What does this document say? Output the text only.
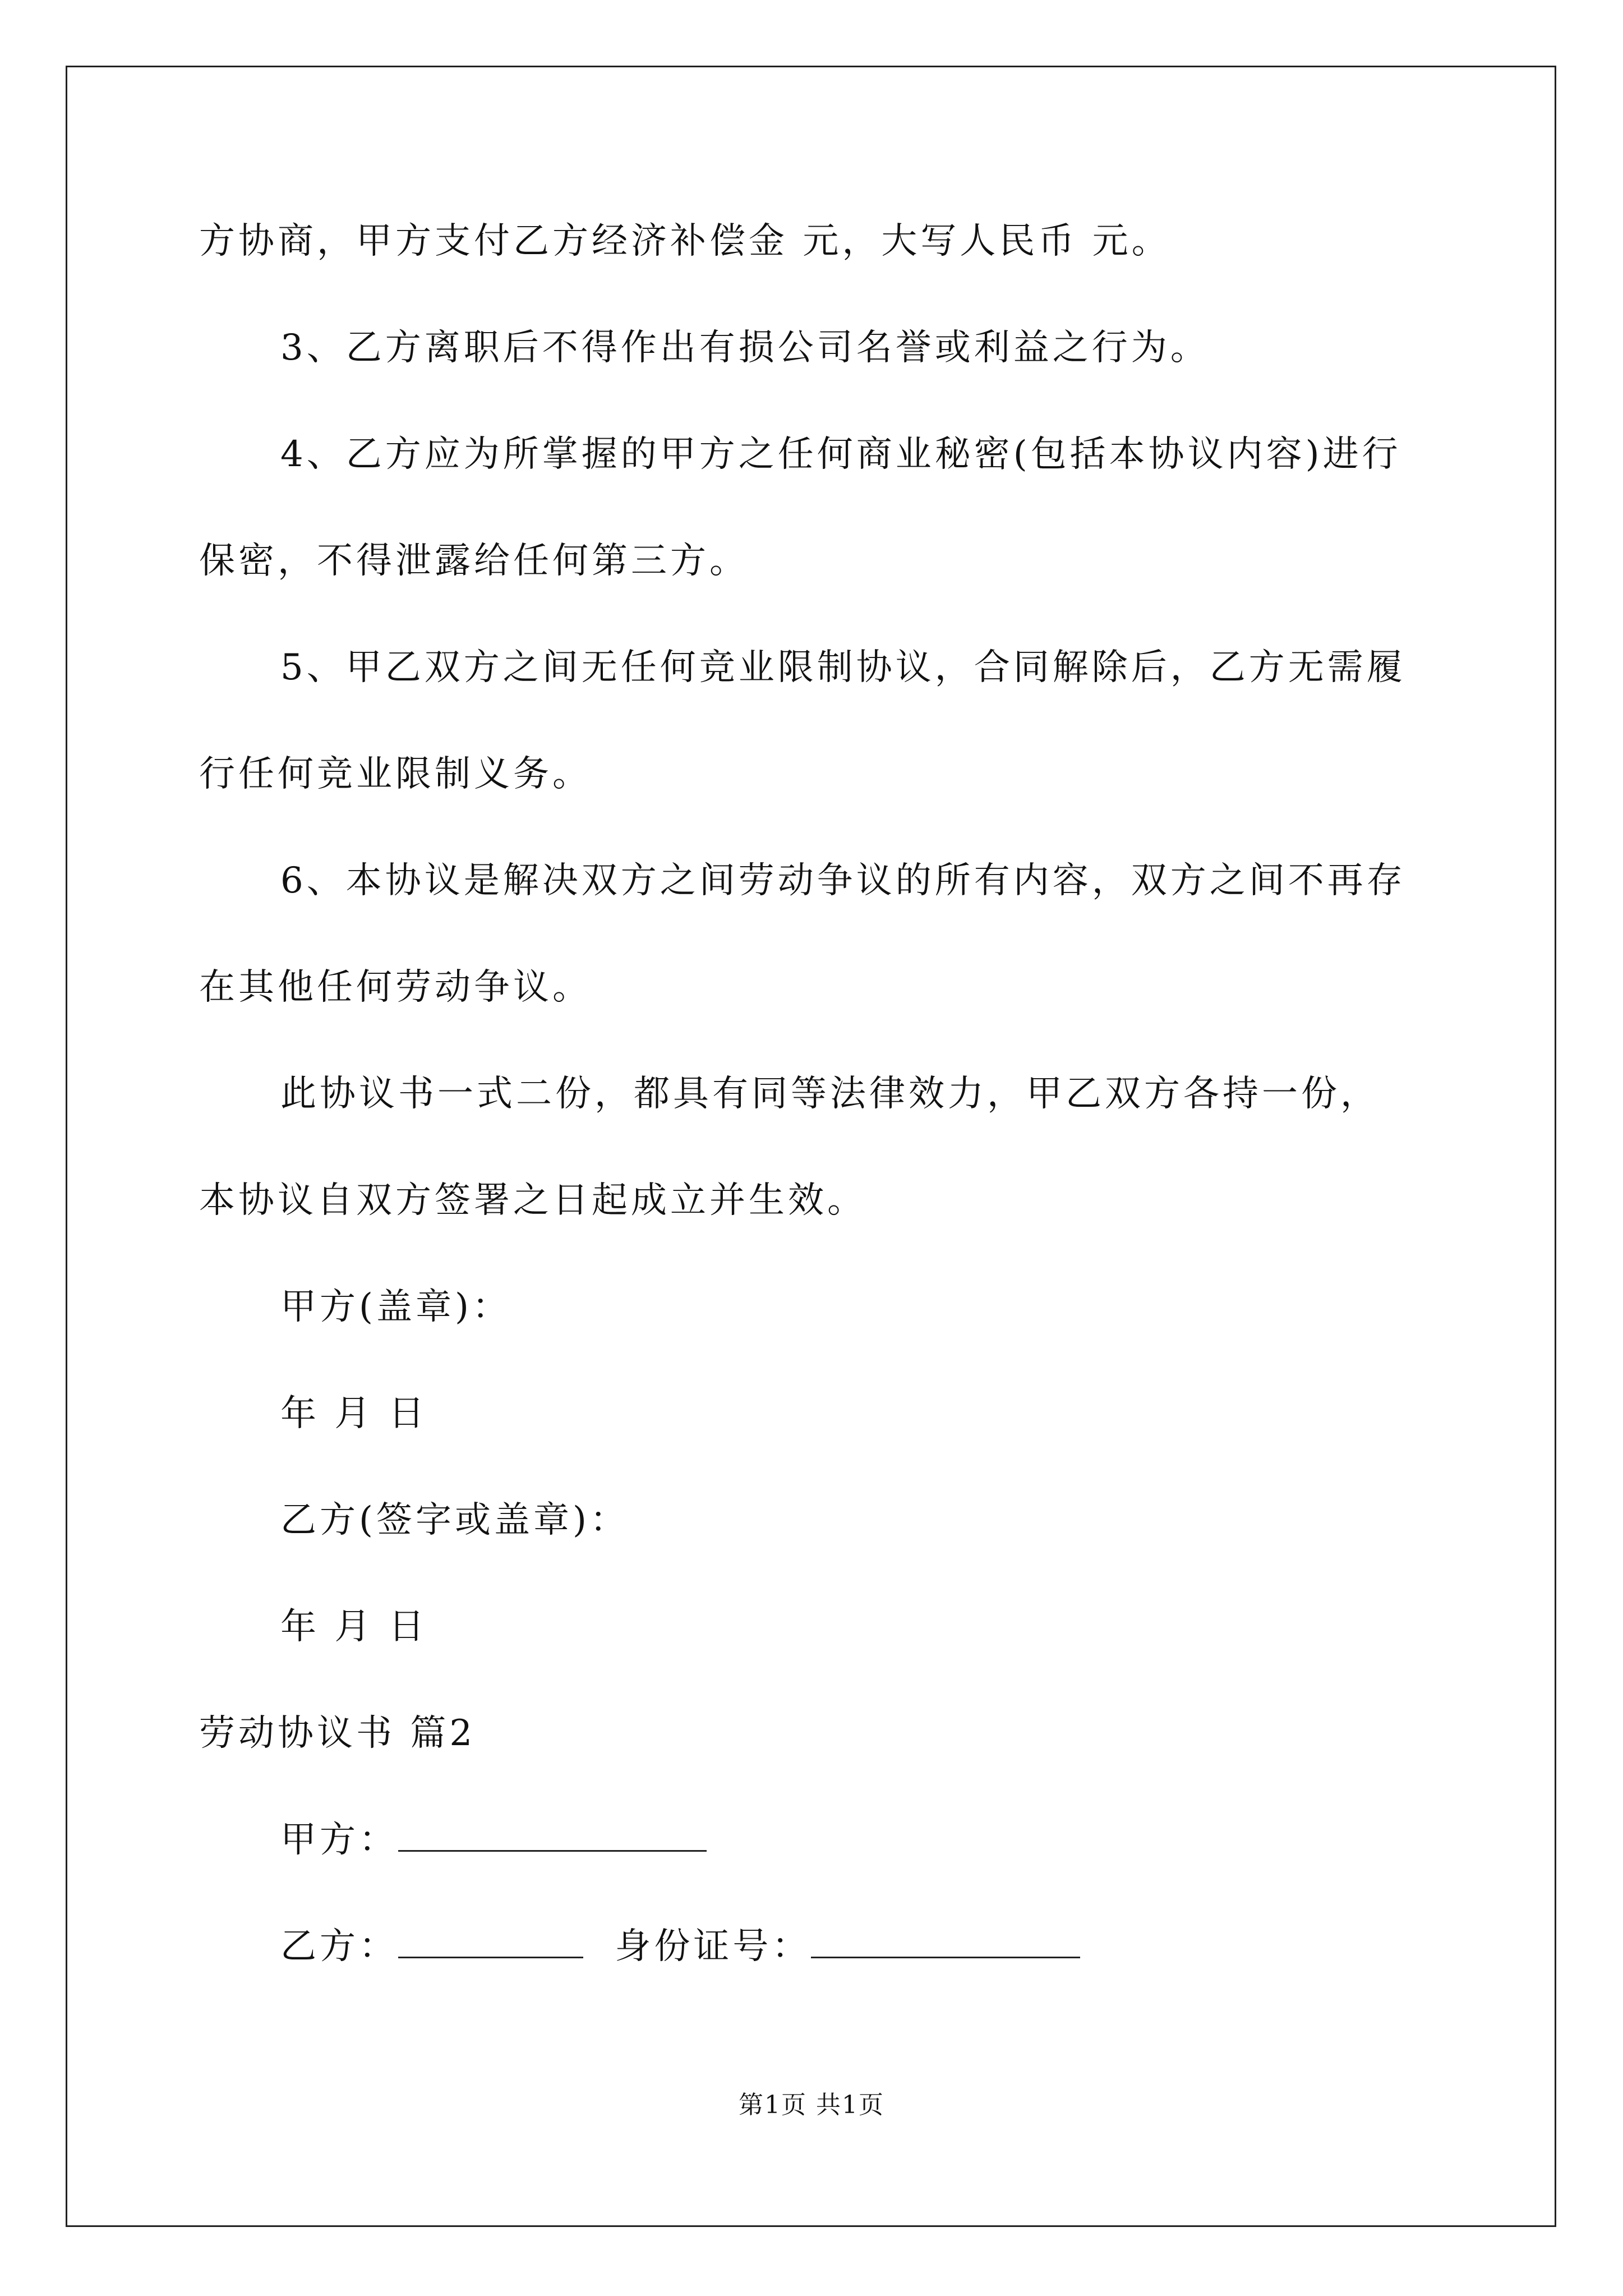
方协商，甲方支付乙方经济补偿金 元，大写人民币 元。
3、乙方离职后不得作出有损公司名誉或利益之行为。
4、乙方应为所掌握的甲方之任何商业秘密(包括本协议内容)进行
保密，不得泄露给任何第三方。
5、甲乙双方之间无任何竞业限制协议，合同解除后，乙方无需履
行任何竞业限制义务。
6、本协议是解决双方之间劳动争议的所有内容，双方之间不再存
在其他任何劳动争议。
此协议书一式二份，都具有同等法律效力，甲乙双方各持一份，
本协议自双方签署之日起成立并生效。
甲方(盖章)：
年 月 日
乙方(签字或盖章)：
年 月 日
劳动协议书 篇2
甲方：
乙方：	身份证号：
第1页 共1页
